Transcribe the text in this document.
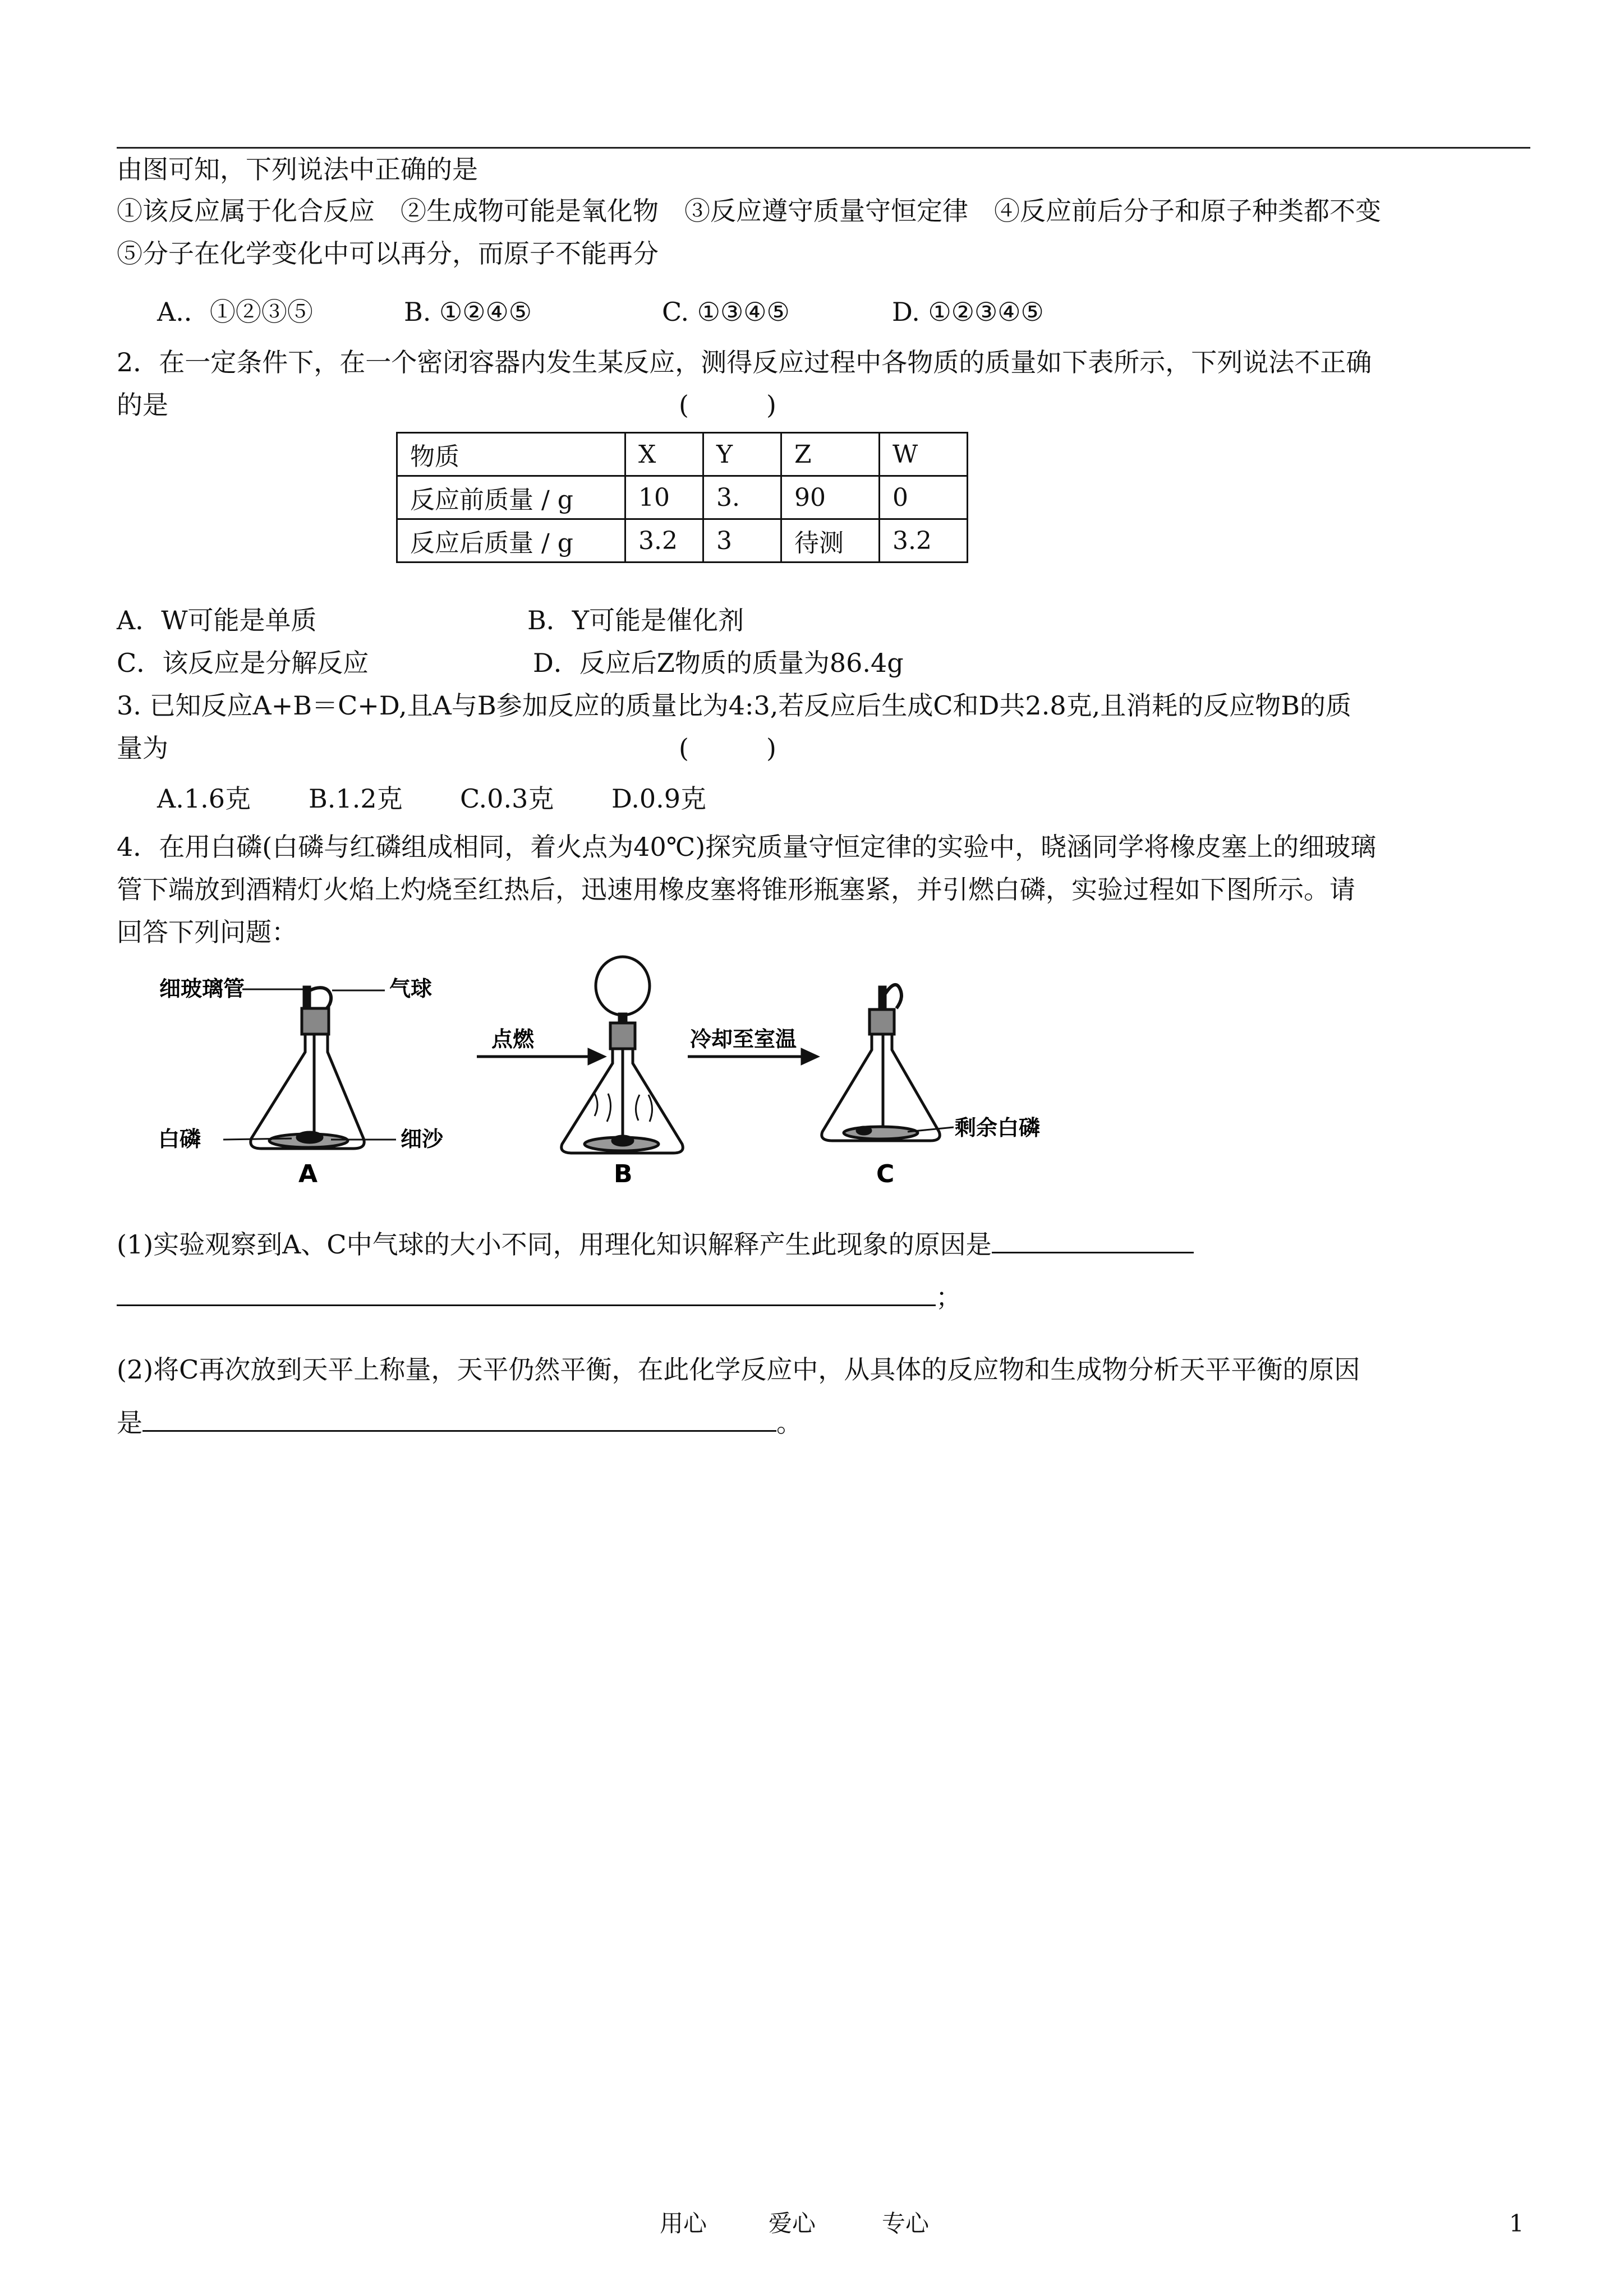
由图可知，下列说法中正确的是
①该反应属于化合反应　②生成物可能是氧化物　③反应遵守质量守恒定律　④反应前后分子和原子种类都不变
⑤分子在化学变化中可以再分，而原子不能再分
A.．①②③⑤	B. ①②④⑤	C. ①③④⑤	D. ①②③④⑤
2．在一定条件下，在一个密闭容器内发生某反应，测得反应过程中各物质的质量如下表所示，下列说法不正确
的是	(　　　)
物质	X	Y	Z	W
反应前质量 / g	10	3.	90	0
反应后质量 / g	3.2	3	待测	3.2
A．W可能是单质	B．Y可能是催化剂
C．该反应是分解反应	D．反应后Z物质的质量为86.4g
3. 已知反应A+B＝C+D,且A与B参加反应的质量比为4:3,若反应后生成C和D共2.8克,且消耗的反应物B的质
量为	(　　　)
A.1.6克 B.1.2克 C.0.3克 D.0.9克
4．在用白磷(白磷与红磷组成相同，着火点为40℃)探究质量守恒定律的实验中，晓涵同学将橡皮塞上的细玻璃
管下端放到酒精灯火焰上灼烧至红热后，迅速用橡皮塞将锥形瓶塞紧，并引燃白磷，实验过程如下图所示。请
回答下列问题：
细玻璃管	气球
白磷	细沙
A
点燃
B
冷却至室温
剩余白磷
C
(1)实验观察到A、C中气球的大小不同，用理化知识解释产生此现象的原因是
；
(2)将C再次放到天平上称量，天平仍然平衡，在此化学反应中，从具体的反应物和生成物分析天平平衡的原因
是	。
用心	爱心	专心	1
